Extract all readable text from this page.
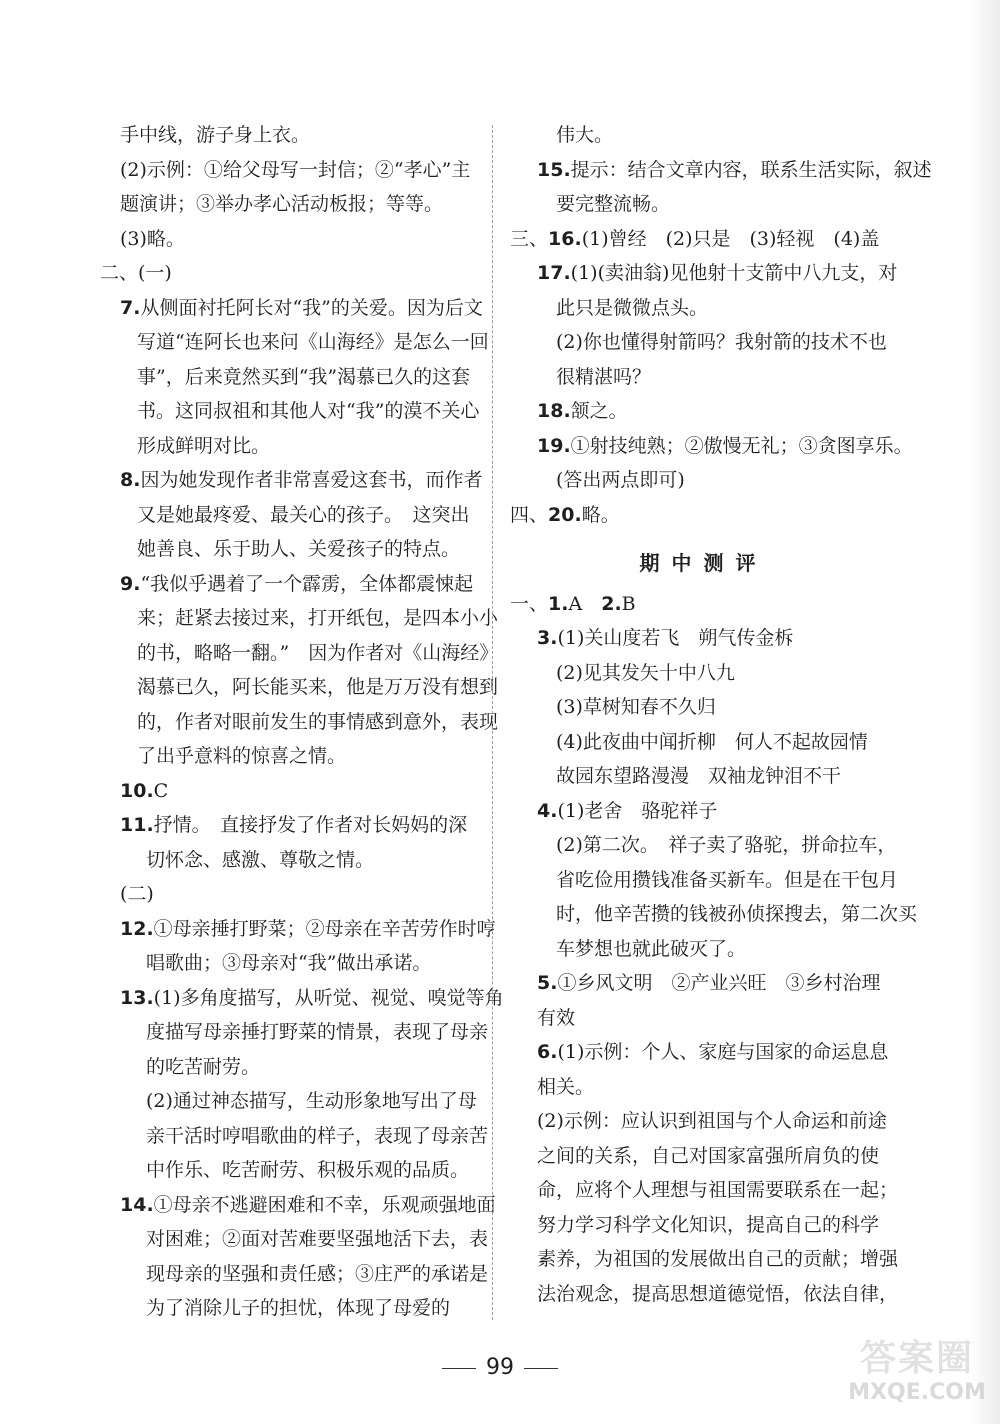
手中线，游子身上衣。
(2)示例：①给父母写一封信；②“孝心”主
题演讲；③举办孝心活动板报；等等。
(3)略。
二、(一)
7.从侧面衬托阿长对“我”的关爱。因为后文
写道“连阿长也来问《山海经》是怎么一回
事”，后来竟然买到“我”渴慕已久的这套
书。这同叔祖和其他人对“我”的漠不关心
形成鲜明对比。
8.因为她发现作者非常喜爱这套书，而作者
又是她最疼爱、最关心的孩子。　这突出
她善良、乐于助人、关爱孩子的特点。
9.“我似乎遇着了一个霹雳，全体都震悚起
来；赶紧去接过来，打开纸包，是四本小小
的书，略略一翻。”　因为作者对《山海经》
渴慕已久，阿长能买来，他是万万没有想到
的，作者对眼前发生的事情感到意外，表现
了出乎意料的惊喜之情。
10.C
11.抒情。　直接抒发了作者对长妈妈的深
切怀念、感激、尊敬之情。
(二)
12.①母亲捶打野菜；②母亲在辛苦劳作时哼
唱歌曲；③母亲对“我”做出承诺。
13.(1)多角度描写，从听觉、视觉、嗅觉等角
度描写母亲捶打野菜的情景，表现了母亲
的吃苦耐劳。
(2)通过神态描写，生动形象地写出了母
亲干活时哼唱歌曲的样子，表现了母亲苦
中作乐、吃苦耐劳、积极乐观的品质。
14.①母亲不逃避困难和不幸，乐观顽强地面
对困难；②面对苦难要坚强地活下去，表
现母亲的坚强和责任感；③庄严的承诺是
为了消除儿子的担忧，体现了母爱的
伟大。
15.提示：结合文章内容，联系生活实际，叙述
要完整流畅。
三、16.(1)曾经　(2)只是　(3)轻视　(4)盖
17.(1)(卖油翁)见他射十支箭中八九支，对
此只是微微点头。
(2)你也懂得射箭吗？我射箭的技术不也
很精湛吗？
18.颔之。
19.①射技纯熟；②傲慢无礼；③贪图享乐。
(答出两点即可)
四、20.略。
期中测评
一、1.A　 2.B
3.(1)关山度若飞　朔气传金柝
(2)见其发矢十中八九
(3)草树知春不久归
(4)此夜曲中闻折柳　何人不起故园情
故园东望路漫漫　双袖龙钟泪不干
4.(1)老舍　骆驼祥子
(2)第二次。　祥子卖了骆驼，拼命拉车，
省吃俭用攒钱准备买新车。但是在干包月
时，他辛苦攒的钱被孙侦探搜去，第二次买
车梦想也就此破灭了。
5.①乡风文明　②产业兴旺　③乡村治理
有效
6.(1)示例：个人、家庭与国家的命运息息
相关。
(2)示例：应认识到祖国与个人命运和前途
之间的关系，自己对国家富强所肩负的使
命，应将个人理想与祖国需要联系在一起；
努力学习科学文化知识，提高自己的科学
素养，为祖国的发展做出自己的贡献；增强
法治观念，提高思想道德觉悟，依法自律，
99	答案圈
MXQE.COM
